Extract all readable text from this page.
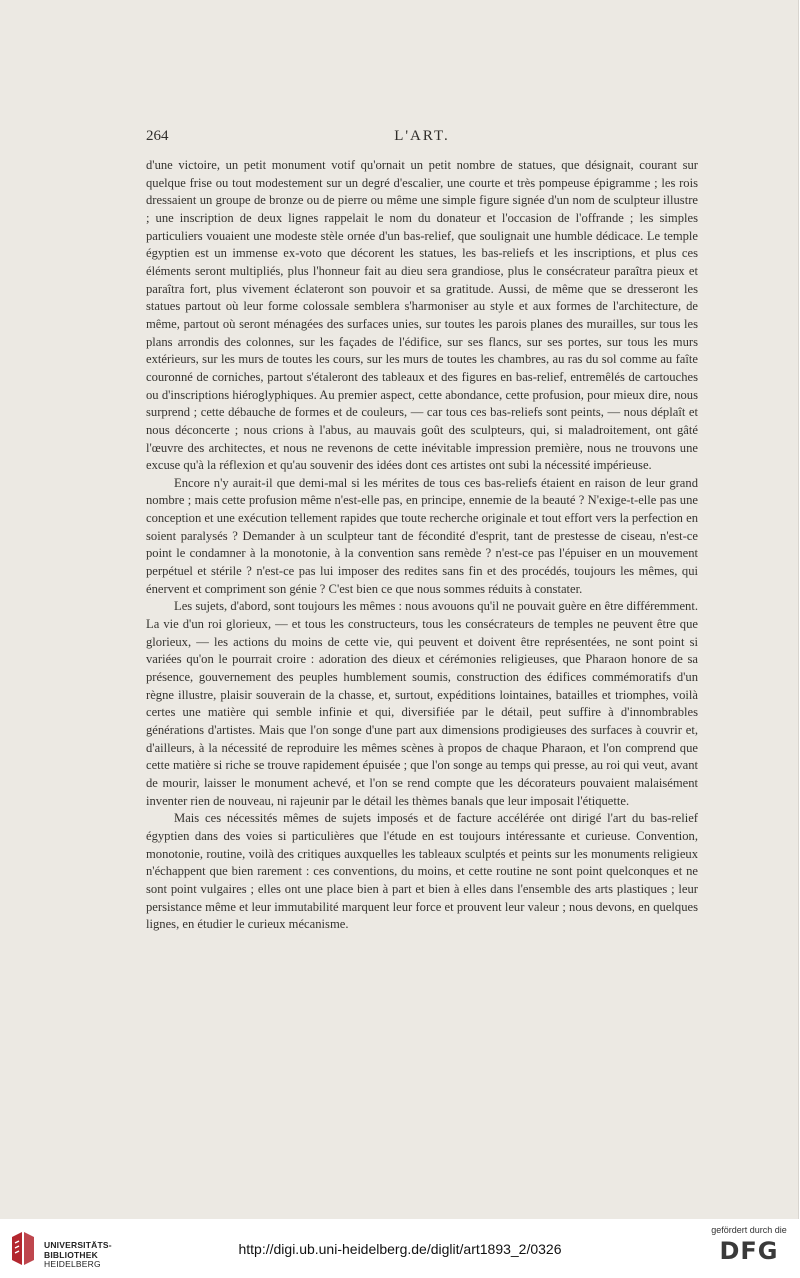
264	L'ART.

d'une victoire, un petit monument votif qu'ornait un petit nombre de statues, que désignait, courant sur quelque frise ou tout modestement sur un degré d'escalier, une courte et très pompeuse épigramme ; les rois dressaient un groupe de bronze ou de pierre ou même une simple figure signée d'un nom de sculpteur illustre ; une inscription de deux lignes rappelait le nom du donateur et l'occasion de l'offrande ; les simples particuliers vouaient une modeste stèle ornée d'un bas-relief, que soulignait une humble dédicace. Le temple égyptien est un immense ex-voto que décorent les statues, les bas-reliefs et les inscriptions, et plus ces éléments seront multipliés, plus l'honneur fait au dieu sera grandiose, plus le consécrateur paraîtra pieux et paraîtra fort, plus vivement éclateront son pouvoir et sa gratitude. Aussi, de même que se dresseront les statues partout où leur forme colossale semblera s'harmoniser au style et aux formes de l'architecture, de même, partout où seront ménagées des surfaces unies, sur toutes les parois planes des murailles, sur tous les plans arrondis des colonnes, sur les façades de l'édifice, sur ses flancs, sur ses portes, sur tous les murs extérieurs, sur les murs de toutes les cours, sur les murs de toutes les chambres, au ras du sol comme au faîte couronné de corniches, partout s'étaleront des tableaux et des figures en bas-relief, entremêlés de cartouches ou d'inscriptions hiéroglyphiques. Au premier aspect, cette abondance, cette profusion, pour mieux dire, nous surprend ; cette débauche de formes et de couleurs, — car tous ces bas-reliefs sont peints, — nous déplaît et nous déconcerte ; nous crions à l'abus, au mauvais goût des sculpteurs, qui, si maladroitement, ont gâté l'œuvre des architectes, et nous ne revenons de cette inévitable impression première, nous ne trouvons une excuse qu'à la réflexion et qu'au souvenir des idées dont ces artistes ont subi la nécessité impérieuse.

Encore n'y aurait-il que demi-mal si les mérites de tous ces bas-reliefs étaient en raison de leur grand nombre ; mais cette profusion même n'est-elle pas, en principe, ennemie de la beauté ? N'exige-t-elle pas une conception et une exécution tellement rapides que toute recherche originale et tout effort vers la perfection en soient paralysés ? Demander à un sculpteur tant de fécondité d'esprit, tant de prestesse de ciseau, n'est-ce point le condamner à la monotonie, à la convention sans remède ? n'est-ce pas l'épuiser en un mouvement perpétuel et stérile ? n'est-ce pas lui imposer des redites sans fin et des procédés, toujours les mêmes, qui énervent et compriment son génie ? C'est bien ce que nous sommes réduits à constater.

Les sujets, d'abord, sont toujours les mêmes : nous avouons qu'il ne pouvait guère en être différemment. La vie d'un roi glorieux, — et tous les constructeurs, tous les consécrateurs de temples ne peuvent être que glorieux, — les actions du moins de cette vie, qui peuvent et doivent être représentées, ne sont point si variées qu'on le pourrait croire : adoration des dieux et cérémonies religieuses, que Pharaon honore de sa présence, gouvernement des peuples humblement soumis, construction des édifices commémoratifs d'un règne illustre, plaisir souverain de la chasse, et, surtout, expéditions lointaines, batailles et triomphes, voilà certes une matière qui semble infinie et qui, diversifiée par le détail, peut suffire à d'innombrables générations d'artistes. Mais que l'on songe d'une part aux dimensions prodigieuses des surfaces à couvrir et, d'ailleurs, à la nécessité de reproduire les mêmes scènes à propos de chaque Pharaon, et l'on comprend que cette matière si riche se trouve rapidement épuisée ; que l'on songe au temps qui presse, au roi qui veut, avant de mourir, laisser le monument achevé, et l'on se rend compte que les décorateurs pouvaient malaisément inventer rien de nouveau, ni rajeunir par le détail les thèmes banals que leur imposait l'étiquette.

Mais ces nécessités mêmes de sujets imposés et de facture accélérée ont dirigé l'art du bas-relief égyptien dans des voies si particulières que l'étude en est toujours intéressante et curieuse. Convention, monotonie, routine, voilà des critiques auxquelles les tableaux sculptés et peints sur les monuments religieux n'échappent que bien rarement : ces conventions, du moins, et cette routine ne sont point quelconques et ne sont point vulgaires ; elles ont une place bien à part et bien à elles dans l'ensemble des arts plastiques ; leur persistance même et leur immutabilité marquent leur force et prouvent leur valeur ; nous devons, en quelques lignes, en étudier le curieux mécanisme.

UNIVERSITÄTS-
BIBLIOTHEK
HEIDELBERG
http://digi.ub.uni-heidelberg.de/diglit/art1893_2/0326
gefördert durch die
DFG
